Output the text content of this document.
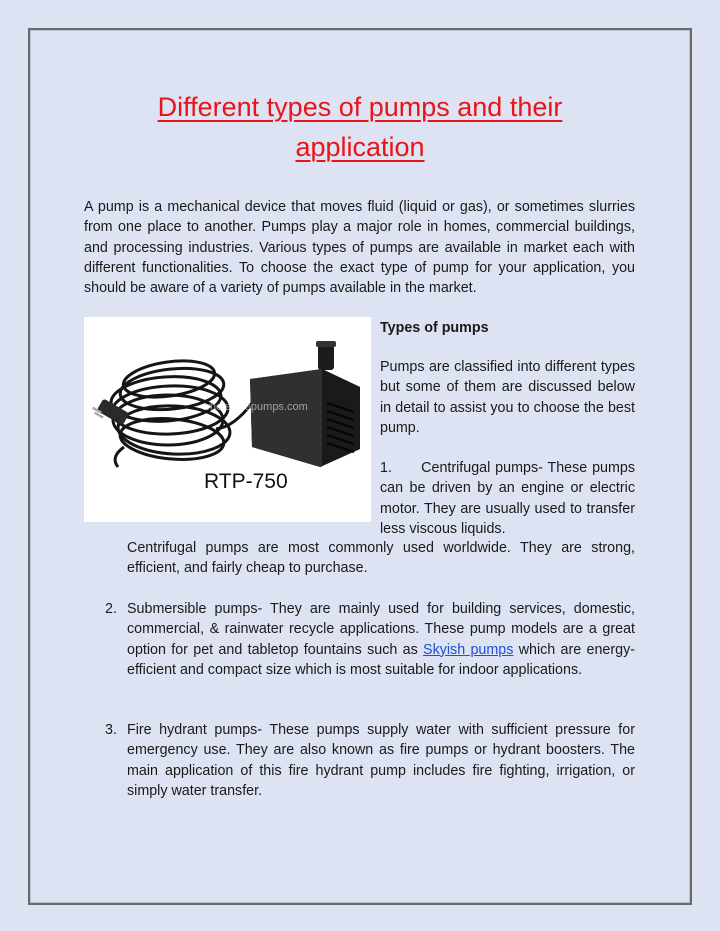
Different types of pumps and their
application
A pump is a mechanical device that moves fluid (liquid or gas), or sometimes slurries from one place to another. Pumps play a major role in homes, commercial buildings, and processing industries. Various types of pumps are available in market each with different functionalities. To choose the exact type of pump for your application, you should be aware of a variety of pumps available in the market.
wholesalepumps.com
RTP-750
Types of pumps
Pumps are classified into different types but some of them are discussed below in detail to assist you to choose the best pump.
1. Centrifugal pumps- These pumps can be driven by an engine or electric motor. They are usually used to transfer less viscous liquids.
Centrifugal pumps are most commonly used worldwide. They are strong, efficient, and fairly cheap to purchase.
2. Submersible pumps- They are mainly used for building services, domestic, commercial, & rainwater recycle applications. These pump models are a great option for pet and tabletop fountains such as Skyish pumps which are energy-efficient and compact size which is most suitable for indoor applications.
3. Fire hydrant pumps- These pumps supply water with sufficient pressure for emergency use. They are also known as fire pumps or hydrant boosters. The main application of this fire hydrant pump includes fire fighting, irrigation, or simply water transfer.
